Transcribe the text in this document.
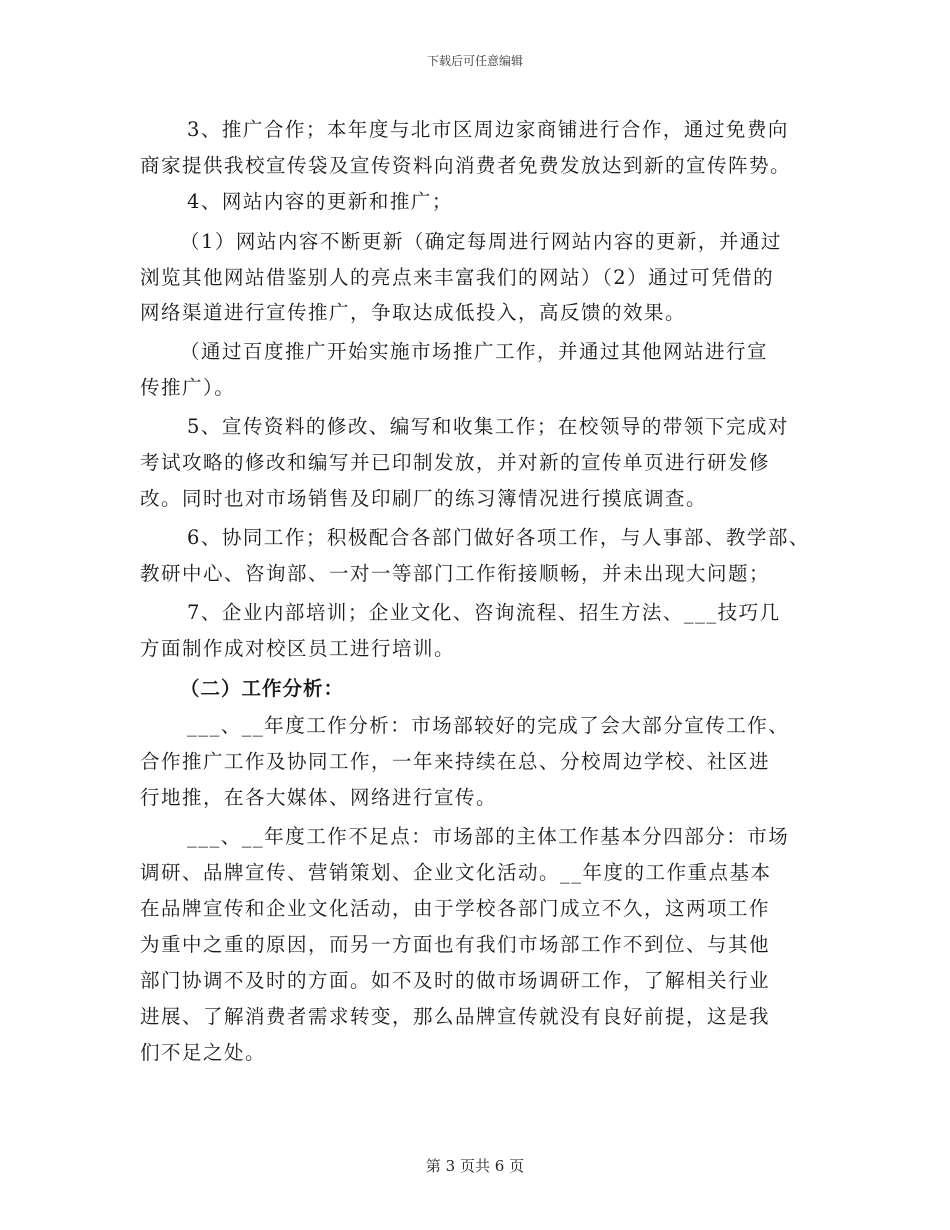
下载后可任意编辑
3、推广合作；本年度与北市区周边家商铺进行合作，通过免费向
商家提供我校宣传袋及宣传资料向消费者免费发放达到新的宣传阵势。
4、网站内容的更新和推广；
（1）网站内容不断更新（确定每周进行网站内容的更新，并通过
浏览其他网站借鉴别人的亮点来丰富我们的网站）（2）通过可凭借的
网络渠道进行宣传推广，争取达成低投入，高反馈的效果。
（通过百度推广开始实施市场推广工作，并通过其他网站进行宣
传推广）。
5、宣传资料的修改、编写和收集工作；在校领导的带领下完成对
考试攻略的修改和编写并已印制发放，并对新的宣传单页进行研发修
改。同时也对市场销售及印刷厂的练习簿情况进行摸底调查。
6、协同工作；积极配合各部门做好各项工作，与人事部、教学部、
教研中心、咨询部、一对一等部门工作衔接顺畅，并未出现大问题；
7、企业内部培训；企业文化、咨询流程、招生方法、___技巧几
方面制作成对校区员工进行培训。
（二）工作分析：
___、__年度工作分析：市场部较好的完成了会大部分宣传工作、
合作推广工作及协同工作，一年来持续在总、分校周边学校、社区进
行地推，在各大媒体、网络进行宣传。
___、__年度工作不足点：市场部的主体工作基本分四部分：市场
调研、品牌宣传、营销策划、企业文化活动。__年度的工作重点基本
在品牌宣传和企业文化活动，由于学校各部门成立不久，这两项工作
为重中之重的原因，而另一方面也有我们市场部工作不到位、与其他
部门协调不及时的方面。如不及时的做市场调研工作，了解相关行业
进展、了解消费者需求转变，那么品牌宣传就没有良好前提，这是我
们不足之处。
第 3 页共 6 页
